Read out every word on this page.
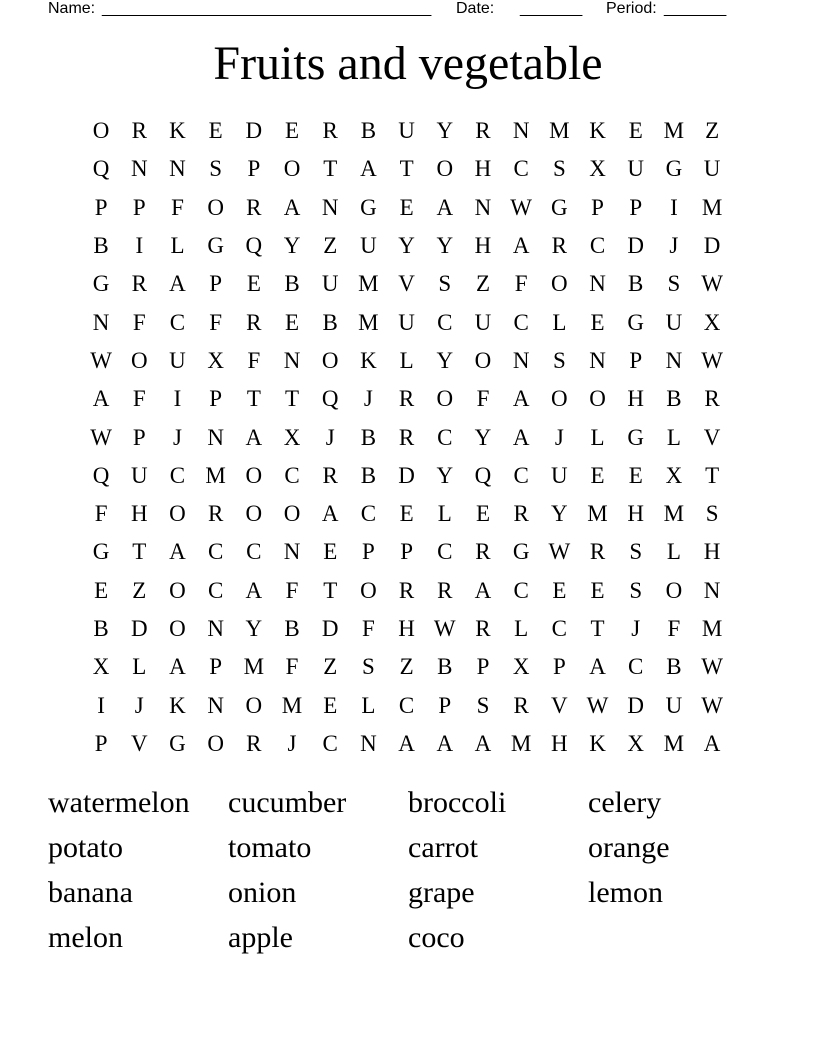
Name: _____________________________________ Date: _______ Period: _______
Fruits and vegetable
O R K E D E	R B U Y R N M K E M Z
Q N N	S	P	O T A T O H C	S	X U G U
P	P	F	O R A N G E A N W G	P	P	I	M
B	I	L G Q Y Z U Y Y H A R C D	J	D
G R A	P	E	B U M V	S	Z	F	O N B	S W
N	F	C	F	R	E	B M U C U C	L	E G U X
W O U X	F	N O K L Y O N	S	N	P	N W
A	F	I	P	T	T Q	J	R O	F	A O O H B R
W P	J	N A X	J	B R C Y A	J	L G L V
Q U C M O C R B D Y Q C U E	E X T
F	H O R O O A C	E	L	E	R Y M H M S
G T A C C N E	P	P	C R G W R	S	L H
E	Z O C A	F	T O R R A C	E	E	S	O N
B D O N Y B D	F	H W R	L	C	T	J	F M
X L A	P M F	Z	S	Z	B	P	X	P	A C B W
I	J	K N O M E	L	C	P	S	R V W D U W
P	V G O R	J	C N A A A M H K X M A
watermelon	cucumber	broccoli	celery
potato	tomato	carrot	orange
banana	onion	grape	lemon
melon	apple	coco
